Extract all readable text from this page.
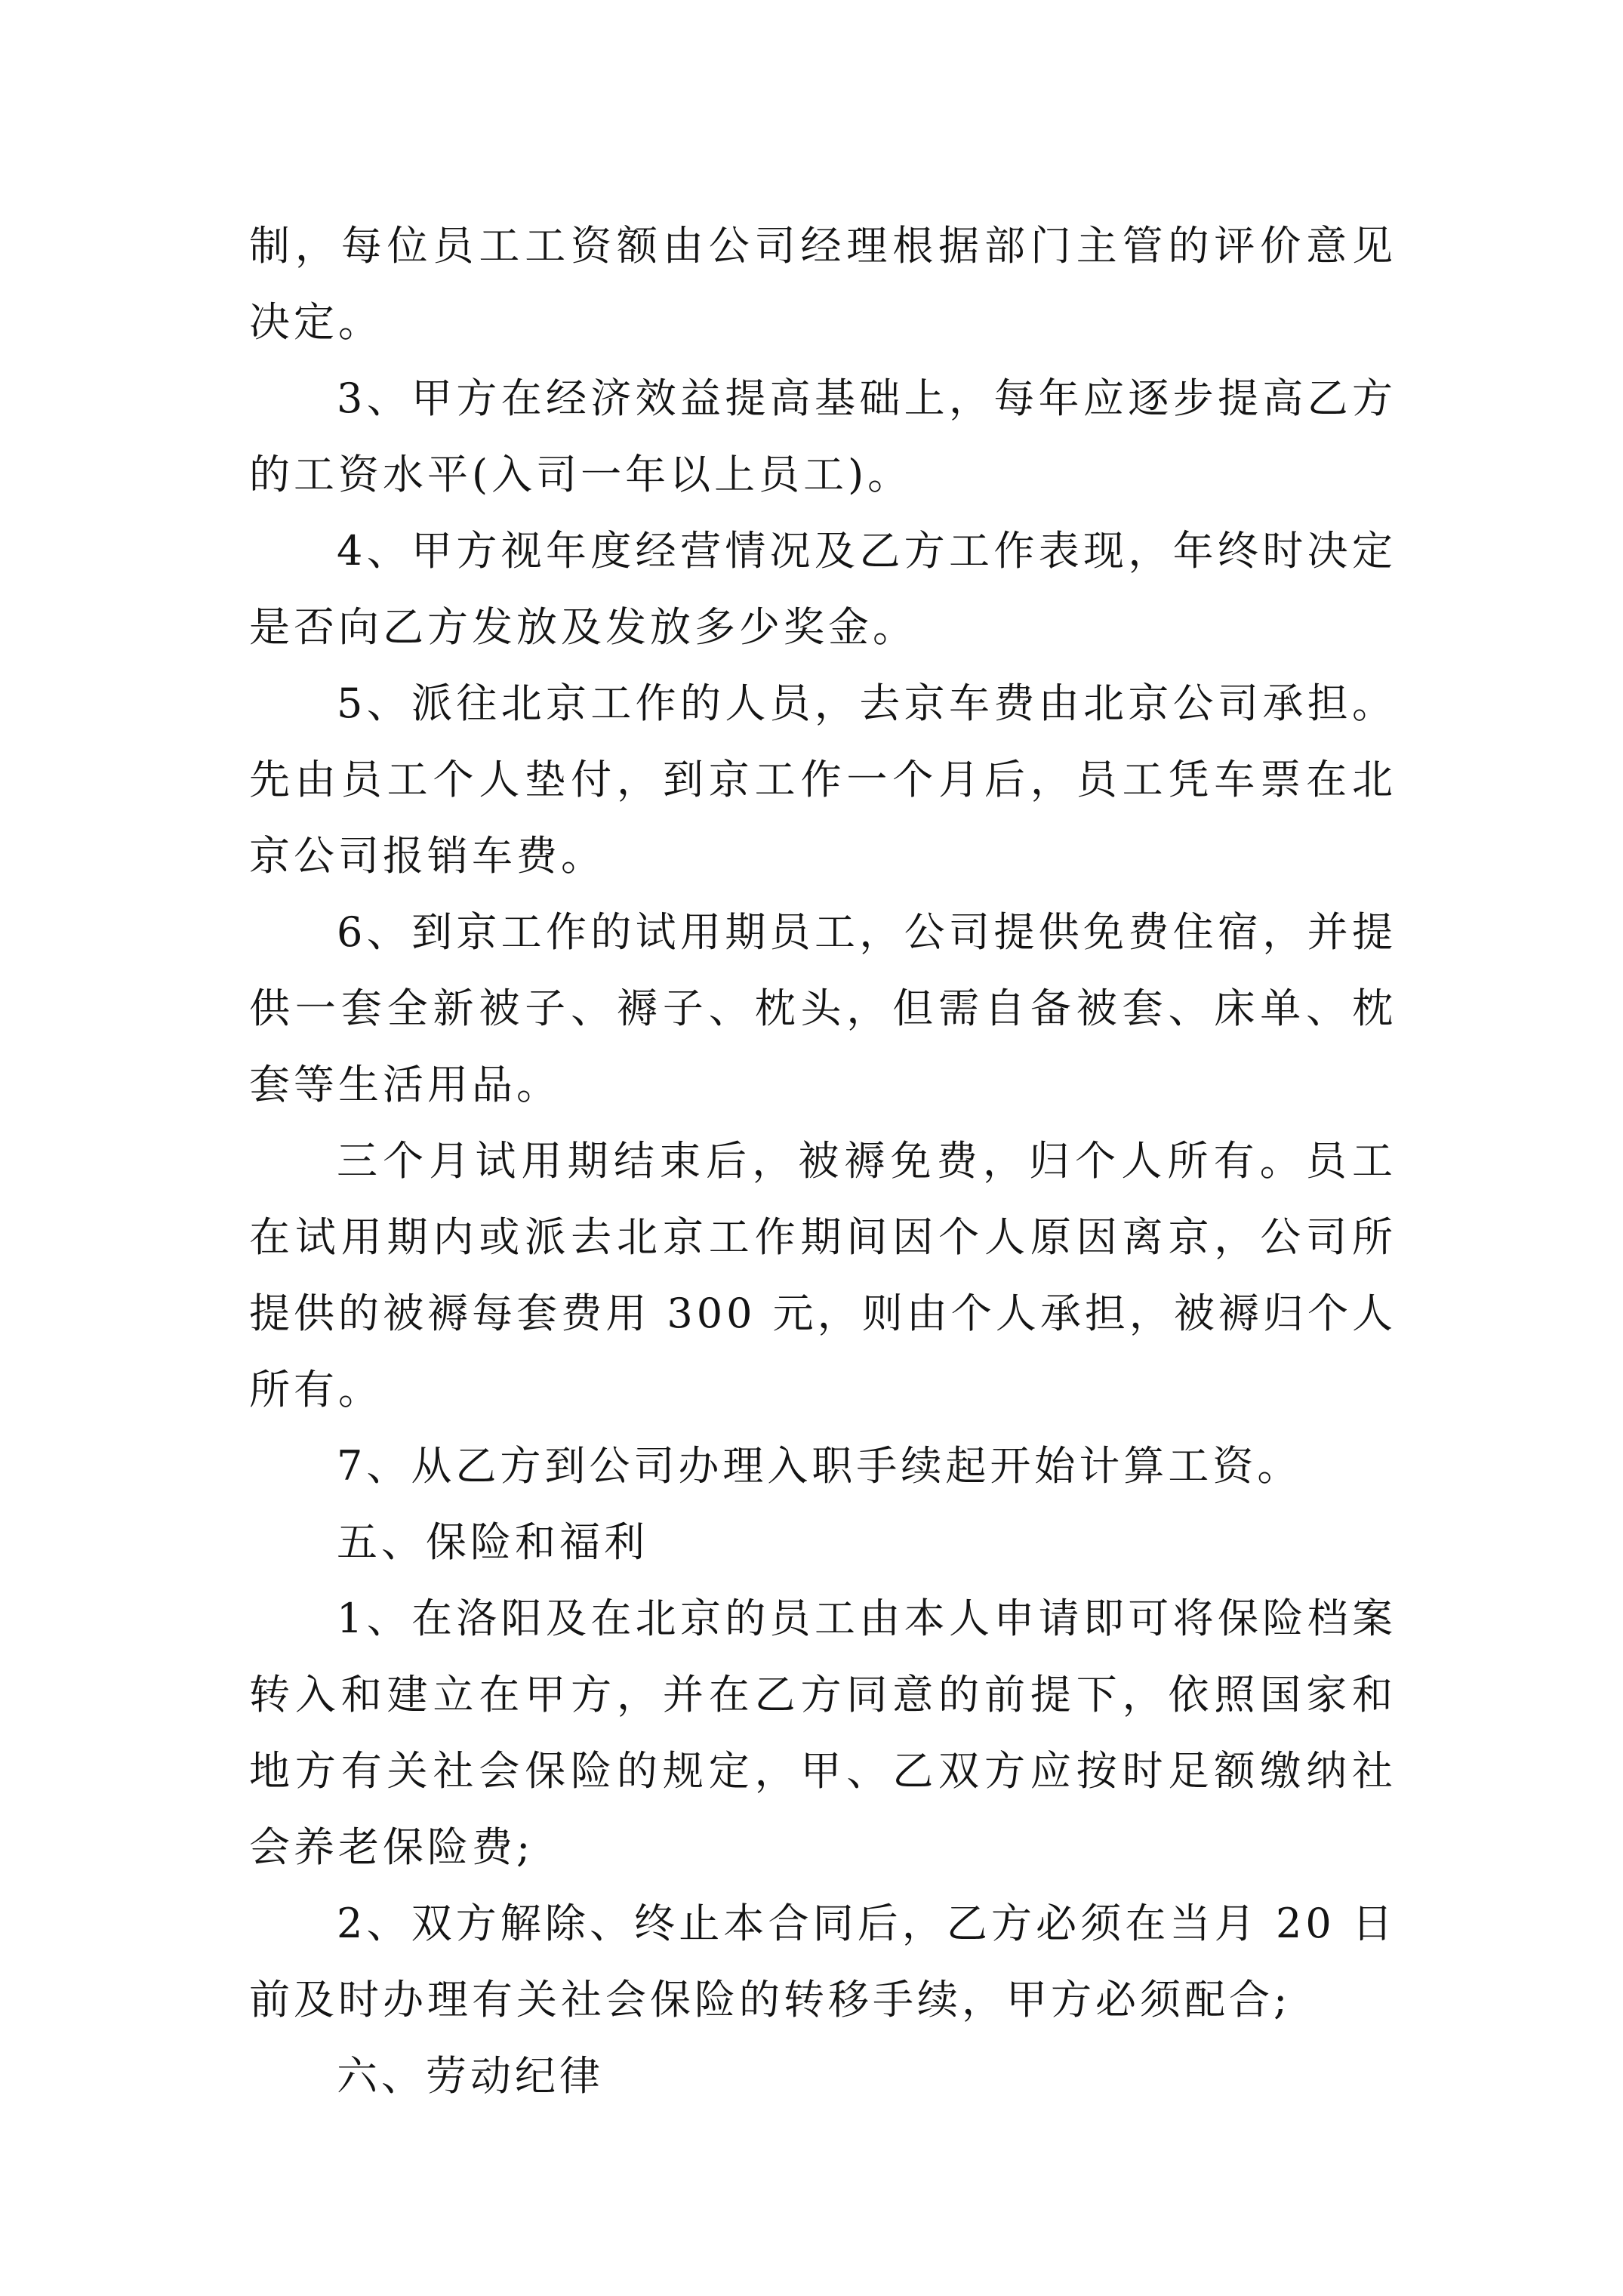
制，每位员工工资额由公司经理根据部门主管的评价意见决定。

3、甲方在经济效益提高基础上，每年应逐步提高乙方的工资水平(入司一年以上员工)。

4、甲方视年度经营情况及乙方工作表现，年终时决定是否向乙方发放及发放多少奖金。

5、派往北京工作的人员，去京车费由北京公司承担。先由员工个人垫付，到京工作一个月后，员工凭车票在北京公司报销车费。

6、到京工作的试用期员工，公司提供免费住宿，并提供一套全新被子、褥子、枕头，但需自备被套、床单、枕套等生活用品。

三个月试用期结束后，被褥免费，归个人所有。员工在试用期内或派去北京工作期间因个人原因离京，公司所提供的被褥每套费用 300 元，则由个人承担，被褥归个人所有。

7、从乙方到公司办理入职手续起开始计算工资。

五、保险和福利

1、在洛阳及在北京的员工由本人申请即可将保险档案转入和建立在甲方，并在乙方同意的前提下，依照国家和地方有关社会保险的规定，甲、乙双方应按时足额缴纳社会养老保险费;

2、双方解除、终止本合同后，乙方必须在当月 20 日前及时办理有关社会保险的转移手续，甲方必须配合;

六、劳动纪律
